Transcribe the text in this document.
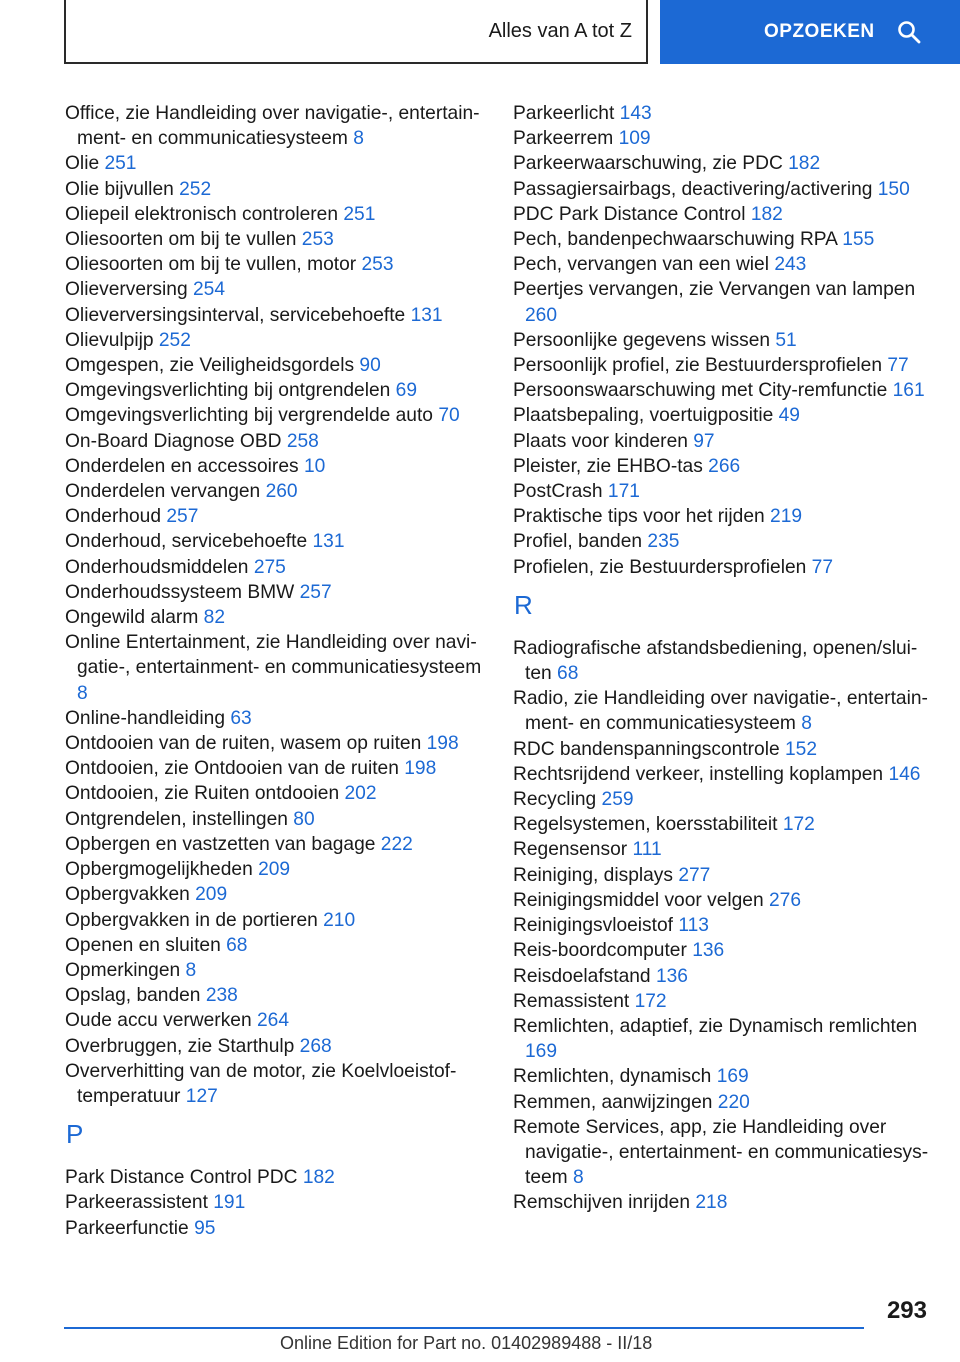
Alles van A tot Z	OPZOEKEN
Office, zie Handleiding over navigatie-, entertainment- en communicatiesysteem 8
Olie 251
Olie bijvullen 252
Oliepeil elektronisch controleren 251
Oliesoorten om bij te vullen 253
Oliesoorten om bij te vullen, motor 253
Olieverversing 254
Olieverversingsinterval, servicebehoefte 131
Olievulpijp 252
Omgespen, zie Veiligheidsgordels 90
Omgevingsverlichting bij ontgrendelen 69
Omgevingsverlichting bij vergrendelde auto 70
On-Board Diagnose OBD 258
Onderdelen en accessoires 10
Onderdelen vervangen 260
Onderhoud 257
Onderhoud, servicebehoefte 131
Onderhoudsmiddelen 275
Onderhoudssysteem BMW 257
Ongewild alarm 82
Online Entertainment, zie Handleiding over navigatie-, entertainment- en communicatiesysteem 8
Online-handleiding 63
Ontdooien van de ruiten, wasem op ruiten 198
Ontdooien, zie Ontdooien van de ruiten 198
Ontdooien, zie Ruiten ontdooien 202
Ontgrendelen, instellingen 80
Opbergen en vastzetten van bagage 222
Opbergmogelijkheden 209
Opbergvakken 209
Opbergvakken in de portieren 210
Openen en sluiten 68
Opmerkingen 8
Opslag, banden 238
Oude accu verwerken 264
Overbruggen, zie Starthulp 268
Oververhitting van de motor, zie Koelvloeistoftemperatuur 127
P
Park Distance Control PDC 182
Parkeerassistent 191
Parkeerfunctie 95
Parkeerlicht 143
Parkeerrem 109
Parkeerwaarschuwing, zie PDC 182
Passagiersairbags, deactivering/activering 150
PDC Park Distance Control 182
Pech, bandenpechwaarschuwing RPA 155
Pech, vervangen van een wiel 243
Peertjes vervangen, zie Vervangen van lampen 260
Persoonlijke gegevens wissen 51
Persoonlijk profiel, zie Bestuurdersprofielen 77
Persoonswaarschuwing met City-remfunctie 161
Plaatsbepaling, voertuigpositie 49
Plaats voor kinderen 97
Pleister, zie EHBO-tas 266
PostCrash 171
Praktische tips voor het rijden 219
Profiel, banden 235
Profielen, zie Bestuurdersprofielen 77
R
Radiografische afstandsbediening, openen/sluiten 68
Radio, zie Handleiding over navigatie-, entertainment- en communicatiesysteem 8
RDC bandenspanningscontrole 152
Rechtsrijdend verkeer, instelling koplampen 146
Recycling 259
Regelsystemen, koersstabiliteit 172
Regensensor 111
Reiniging, displays 277
Reinigingsmiddel voor velgen 276
Reinigingsvloeistof 113
Reis-boordcomputer 136
Reisdoelafstand 136
Remassistent 172
Remlichten, adaptief, zie Dynamisch remlichten 169
Remlichten, dynamisch 169
Remmen, aanwijzingen 220
Remote Services, app, zie Handleiding over navigatie-, entertainment- en communicatiesysteem 8
Remschijven inrijden 218
293
Online Edition for Part no. 01402989488 - II/18
